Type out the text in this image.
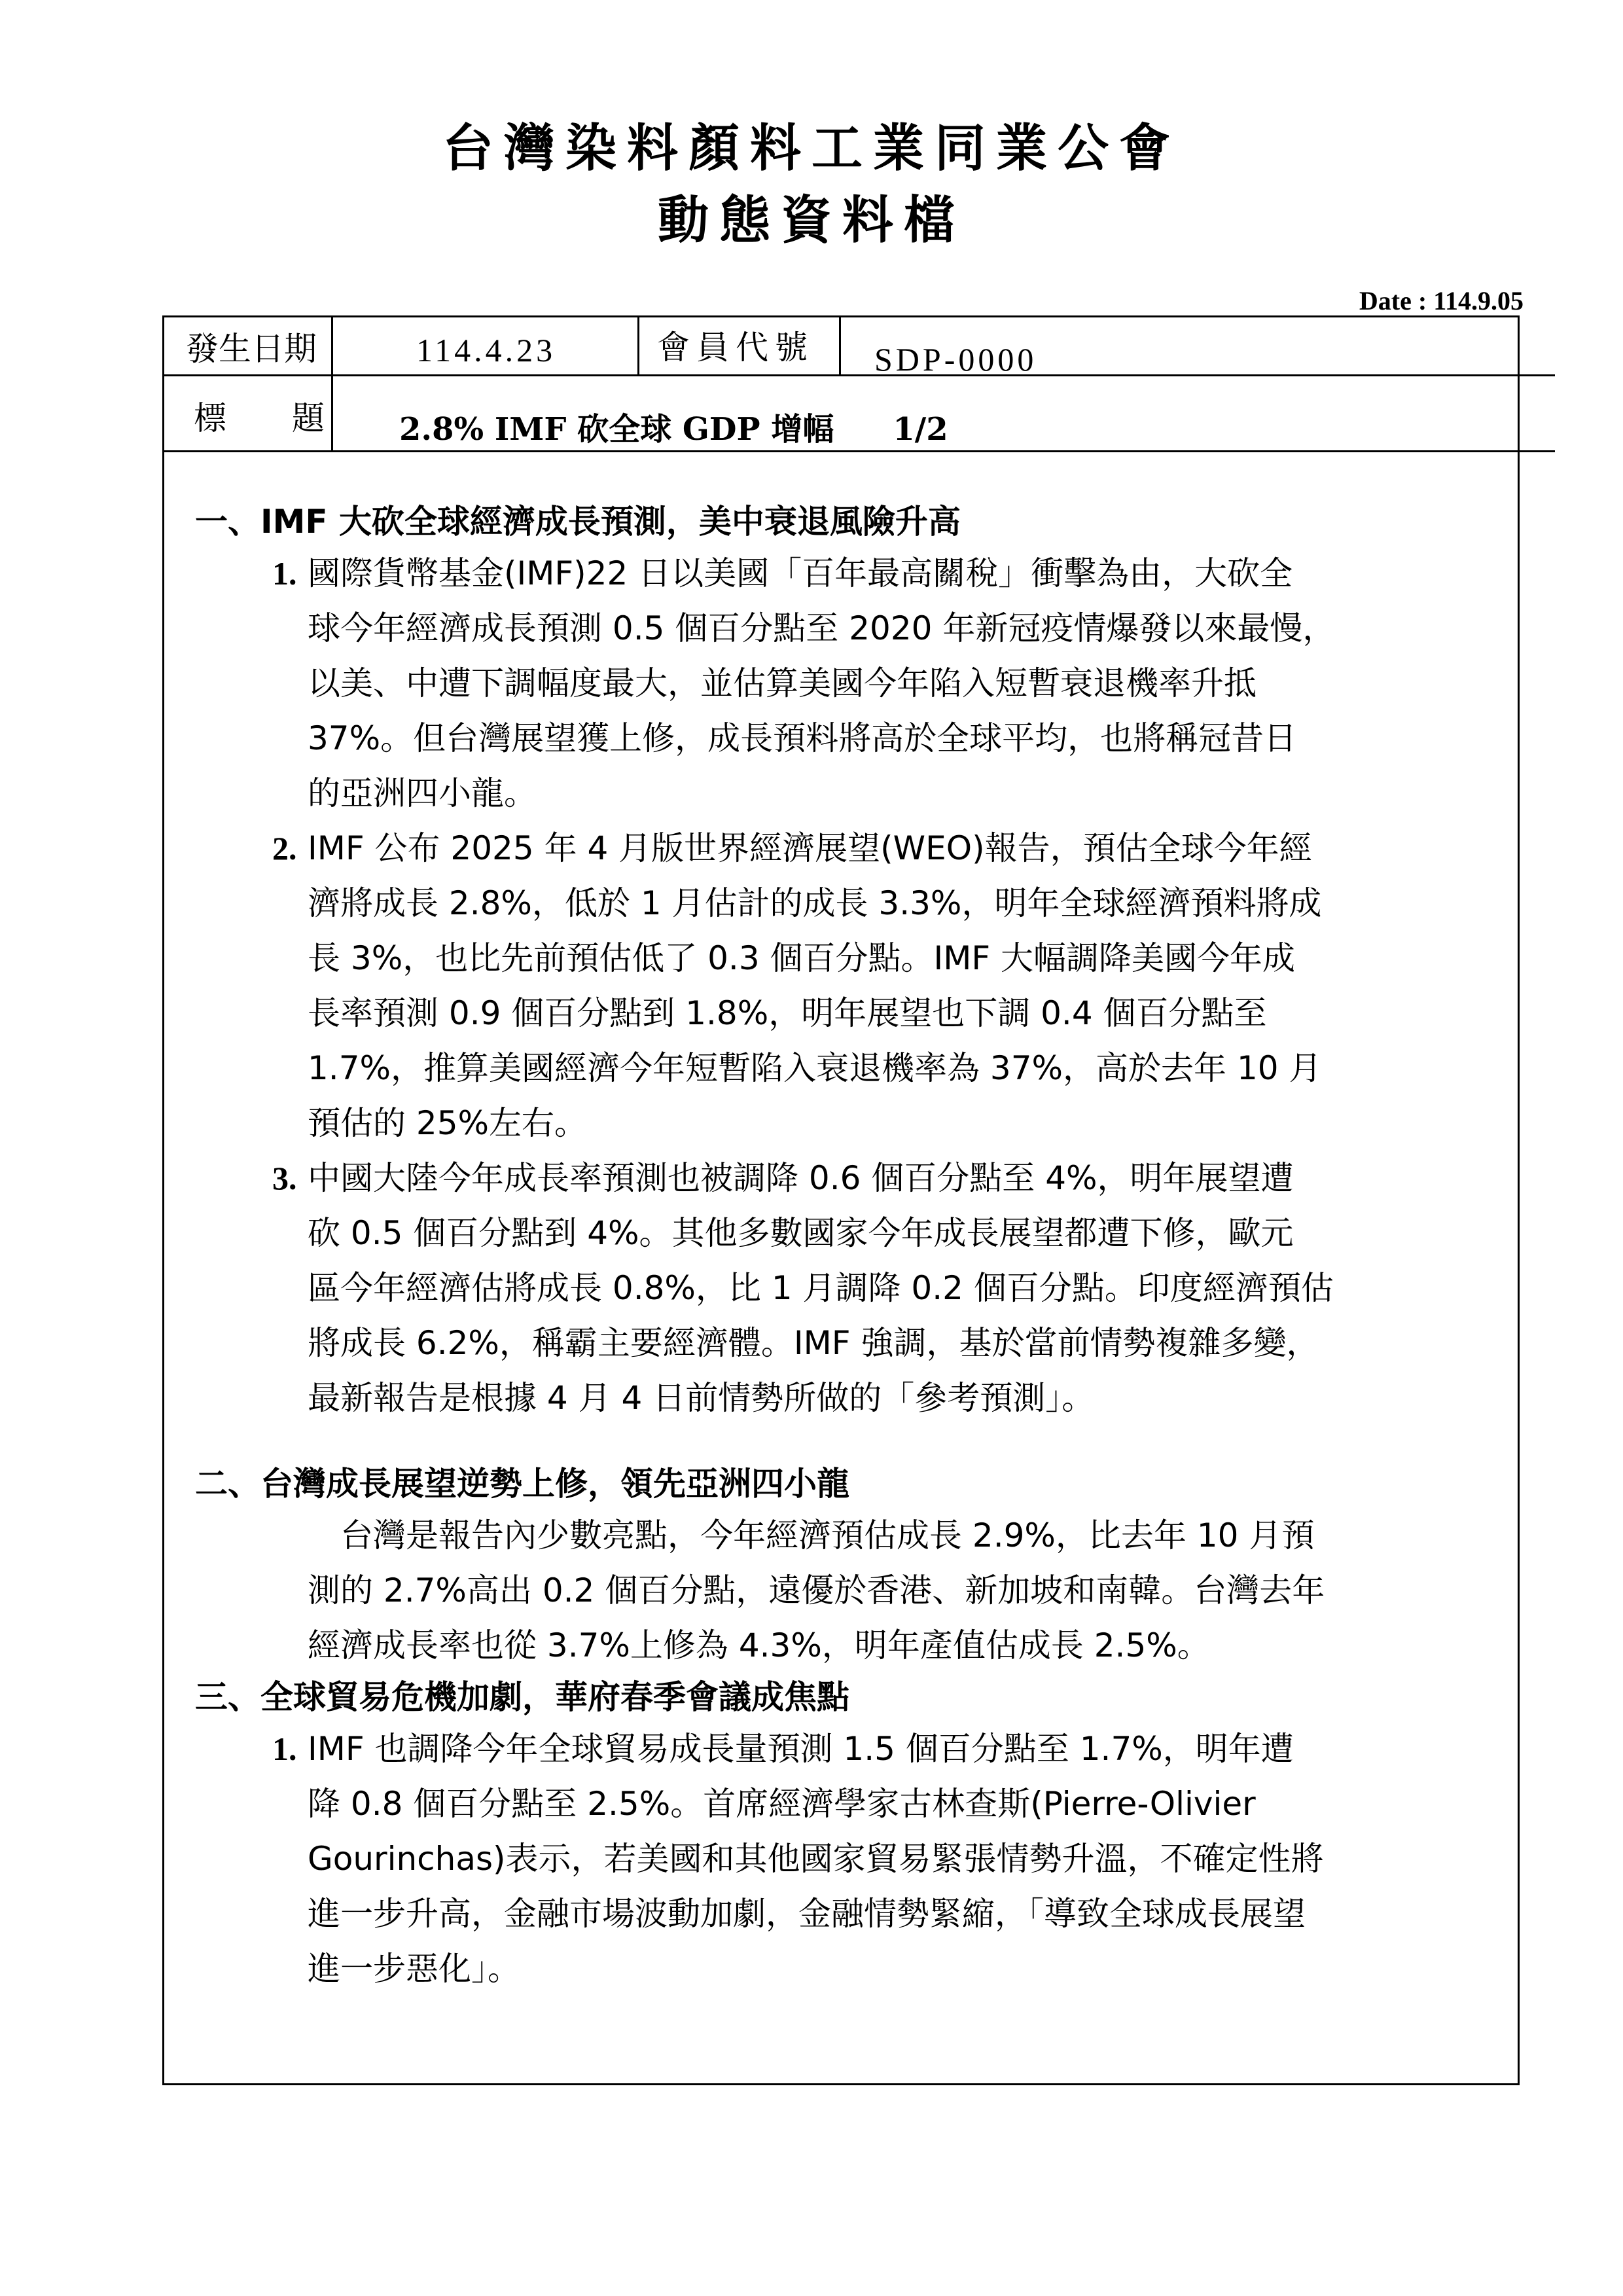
台灣染料顏料工業同業公會
動態資料檔
Date : 114.9.05
發生日期	114.4.23	會員代號 SDP-0000
標　　題 2.8% IMF 砍全球 GDP 增幅 1/2

一、IMF 大砍全球經濟成長預測，美中衰退風險升高

1. 國際貨幣基金(IMF)22 日以美國「百年最高關稅」衝擊為由，大砍全
球今年經濟成長預測 0.5 個百分點至 2020 年新冠疫情爆發以來最慢，
以美、中遭下調幅度最大，並估算美國今年陷入短暫衰退機率升抵
37%。但台灣展望獲上修，成長預料將高於全球平均，也將稱冠昔日
的亞洲四小龍。
2. IMF 公布 2025 年 4 月版世界經濟展望(WEO)報告，預估全球今年經
濟將成長 2.8%，低於 1 月估計的成長 3.3%，明年全球經濟預料將成
長 3%，也比先前預估低了 0.3 個百分點。IMF 大幅調降美國今年成
長率預測 0.9 個百分點到 1.8%，明年展望也下調 0.4 個百分點至
1.7%，推算美國經濟今年短暫陷入衰退機率為 37%，高於去年 10 月
預估的 25%左右。
3. 中國大陸今年成長率預測也被調降 0.6 個百分點至 4%，明年展望遭
砍 0.5 個百分點到 4%。其他多數國家今年成長展望都遭下修，歐元
區今年經濟估將成長 0.8%，比 1 月調降 0.2 個百分點。印度經濟預估
將成長 6.2%，稱霸主要經濟體。IMF 強調，基於當前情勢複雜多變，
最新報告是根據 4 月 4 日前情勢所做的「參考預測」。

二、台灣成長展望逆勢上修，領先亞洲四小龍

　台灣是報告內少數亮點，今年經濟預估成長 2.9%，比去年 10 月預
測的 2.7%高出 0.2 個百分點，遠優於香港、新加坡和南韓。台灣去年
經濟成長率也從 3.7%上修為 4.3%，明年產值估成長 2.5%。

三、全球貿易危機加劇，華府春季會議成焦點

1. IMF 也調降今年全球貿易成長量預測 1.5 個百分點至 1.7%，明年遭
降 0.8 個百分點至 2.5%。首席經濟學家古林查斯(Pierre-Olivier
Gourinchas)表示，若美國和其他國家貿易緊張情勢升溫，不確定性將
進一步升高，金融市場波動加劇，金融情勢緊縮，「導致全球成長展望
進一步惡化」。
